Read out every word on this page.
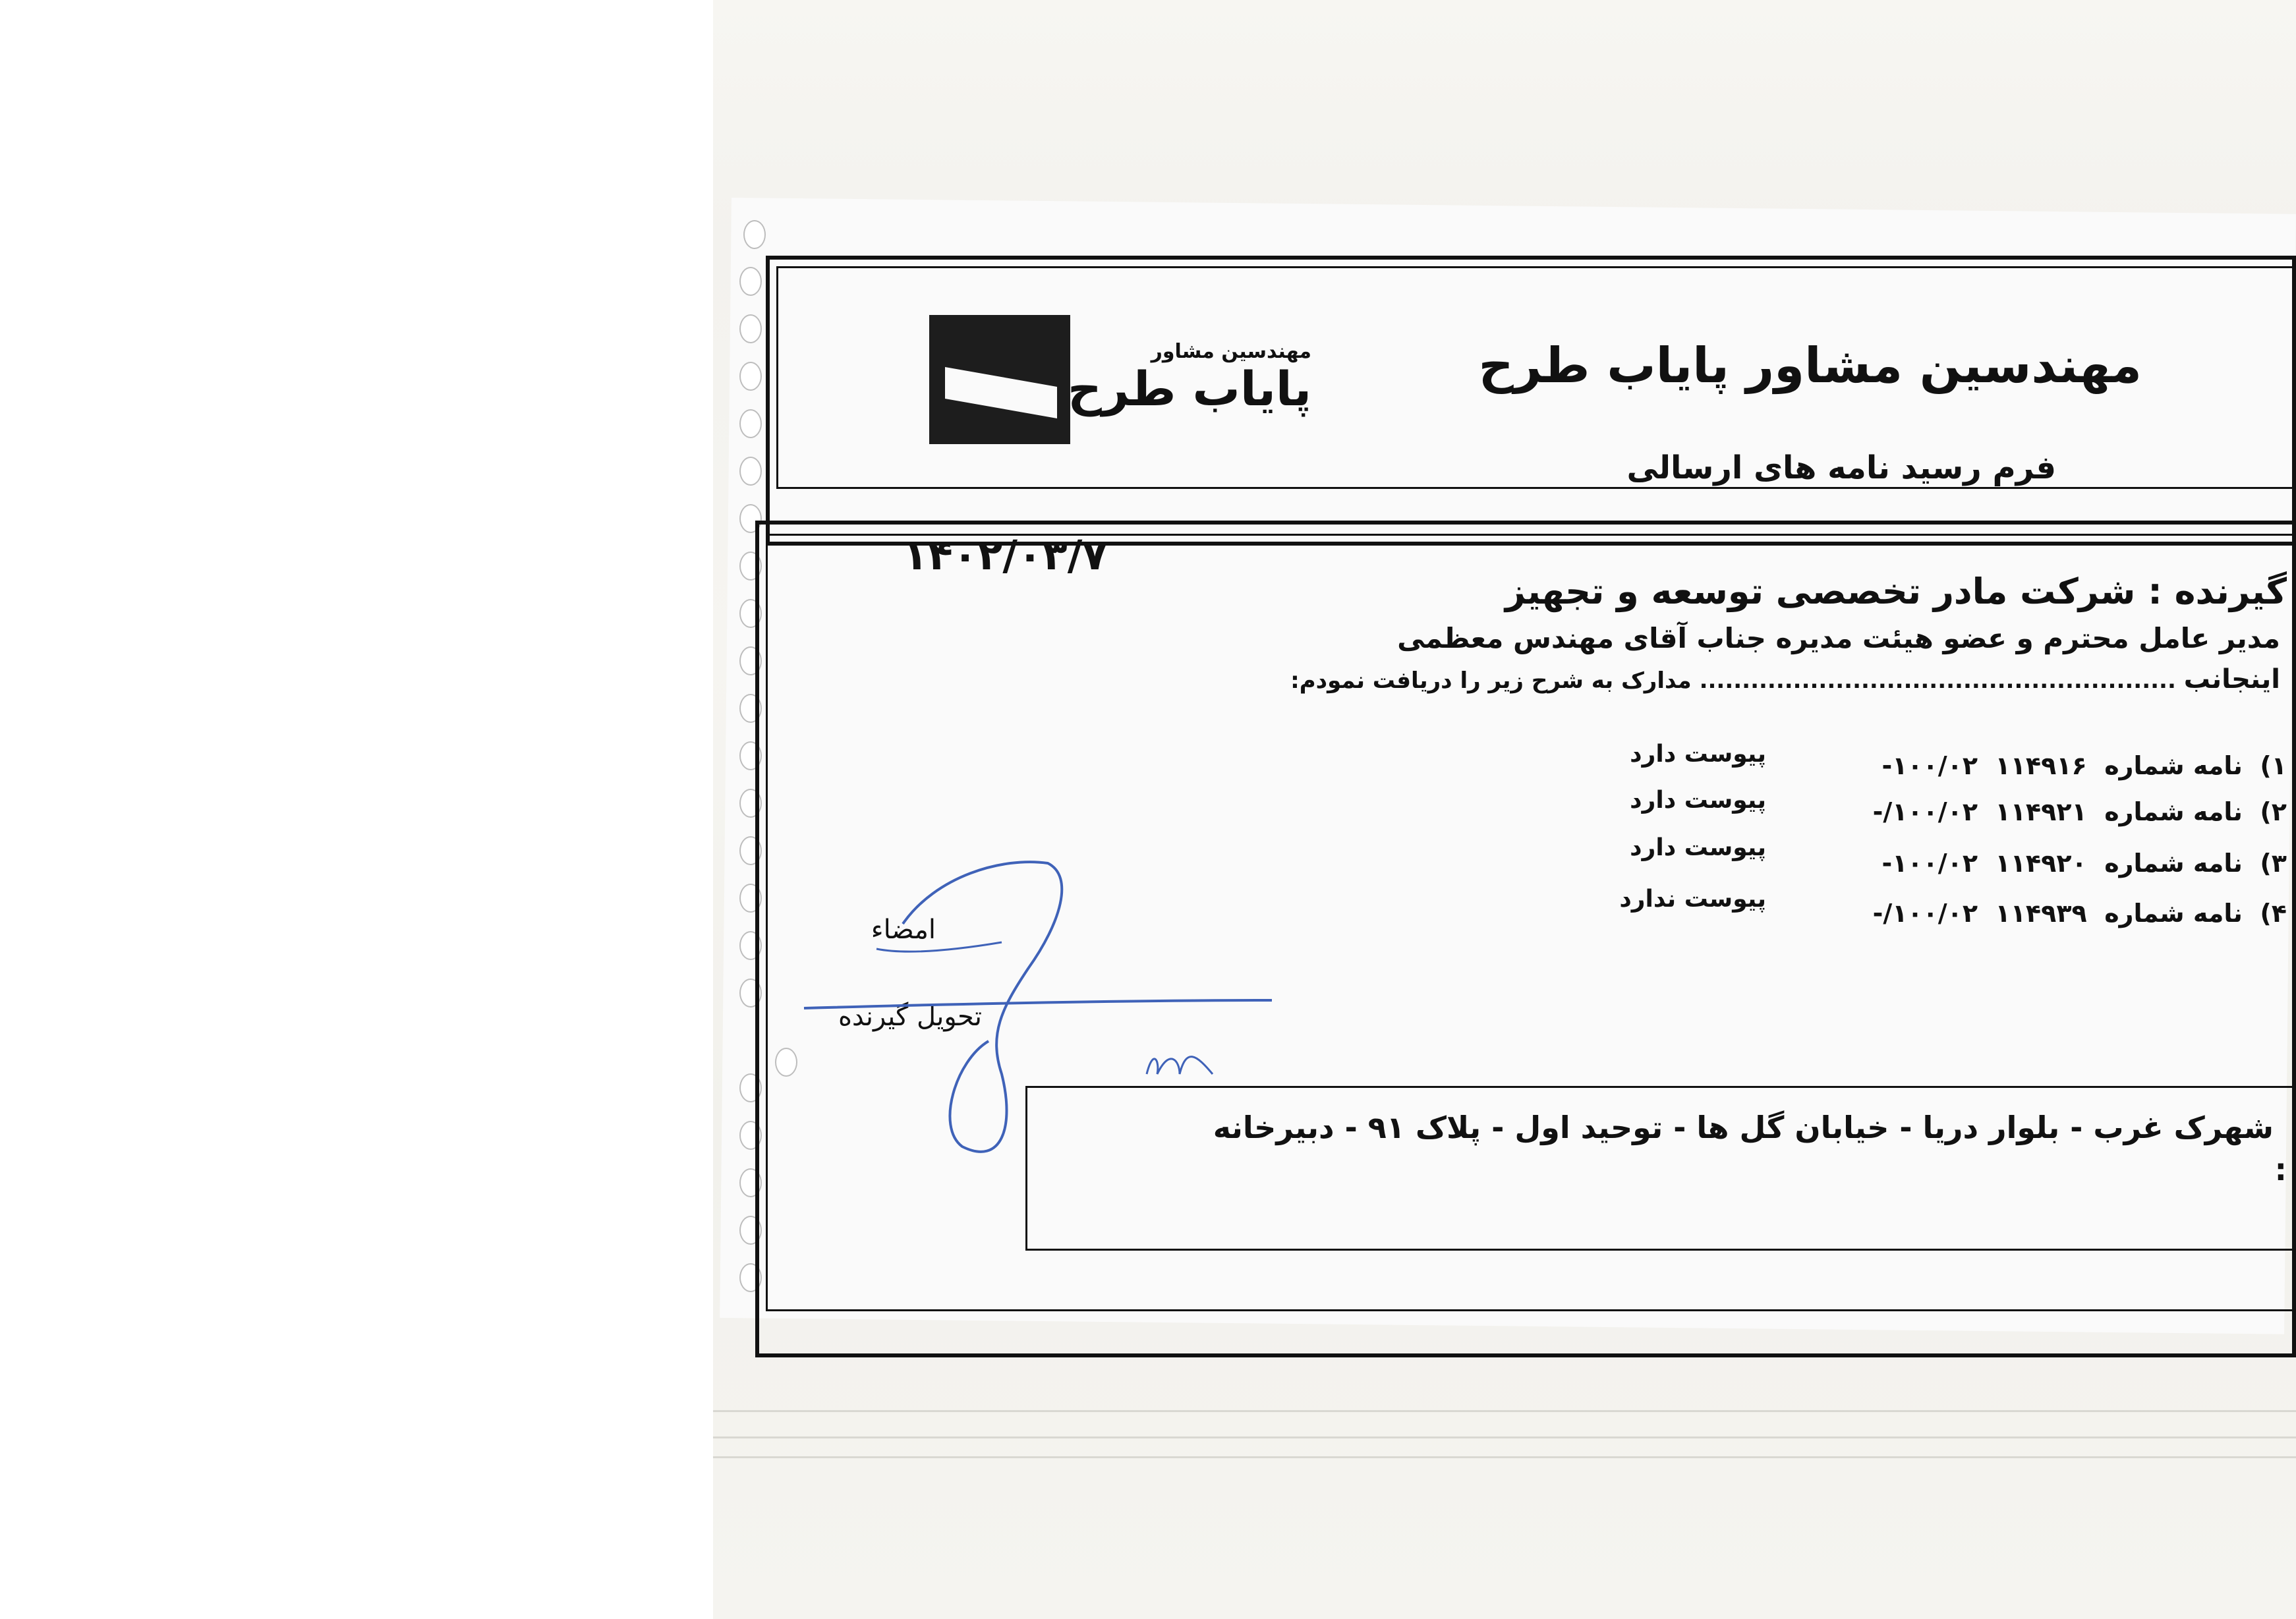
مهندسین مشاور
پایاب طرح	مهندسین مشاور پایاب طرح
فرم رسید نامه های ارسالی
۱۴۰۲/۰۳/۷
گیرنده : شرکت مادر تخصصی توسعه و تجهیز
مدیر عامل محترم و عضو هیئت مدیره جناب آقای مهندس معظمی
اینجانب ........................................................ مدارک به شرح زیر را دریافت نمودم:
۱)  نامه شماره  ۱۱۴۹۱۶  ۱۰۰/۰۲-
پیوست دارد
۲)  نامه شماره  ۱۱۴۹۲۱  ۱۰۰/۰۲/-
پیوست دارد
۳)  نامه شماره  ۱۱۴۹۲۰  ۱۰۰/۰۲-
پیوست دارد
۴)  نامه شماره  ۱۱۴۹۳۹  ۱۰۰/۰۲/-
پیوست ندارد
امضاء
تحویل گیرنده
شهرک غرب - بلوار دریا - خیابان گل ها - توحید اول - پلاک ۹۱ - دبیرخانه
:
